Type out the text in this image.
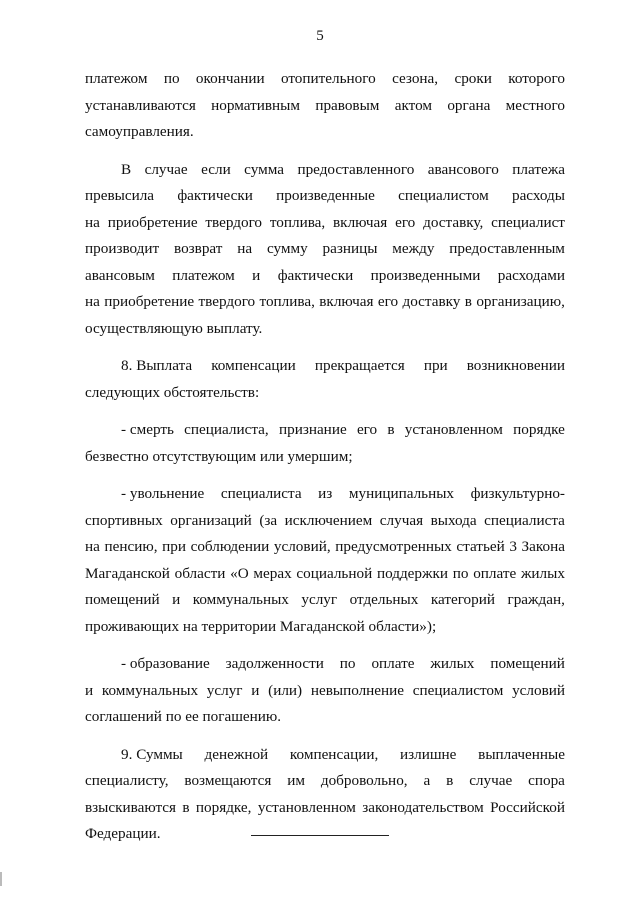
5
платежом по окончании отопительного сезона, сроки которого
устанавливаются нормативным правовым актом органа местного
самоуправления.
В случае если сумма предоставленного авансового платежа
превысила фактически произведенные специалистом расходы
на приобретение твердого топлива, включая его доставку, специалист
производит возврат на сумму разницы между предоставленным
авансовым платежом и фактически произведенными расходами
на приобретение твердого топлива, включая его доставку в организацию,
осуществляющую выплату.
8. Выплата компенсации прекращается при возникновении
следующих обстоятельств:
- смерть специалиста, признание его в установленном порядке
безвестно отсутствующим или умершим;
- увольнение специалиста из муниципальных физкультурно-
спортивных организаций (за исключением случая выхода специалиста
на пенсию, при соблюдении условий, предусмотренных статьей 3 Закона
Магаданской области «О мерах социальной поддержки по оплате жилых
помещений и коммунальных услуг отдельных категорий граждан,
проживающих на территории Магаданской области»);
- образование задолженности по оплате жилых помещений
и коммунальных услуг и (или) невыполнение специалистом условий
соглашений по ее погашению.
9. Суммы денежной компенсации, излишне выплаченные
специалисту, возмещаются им добровольно, а в случае спора
взыскиваются в порядке, установленном законодательством Российской
Федерации.
